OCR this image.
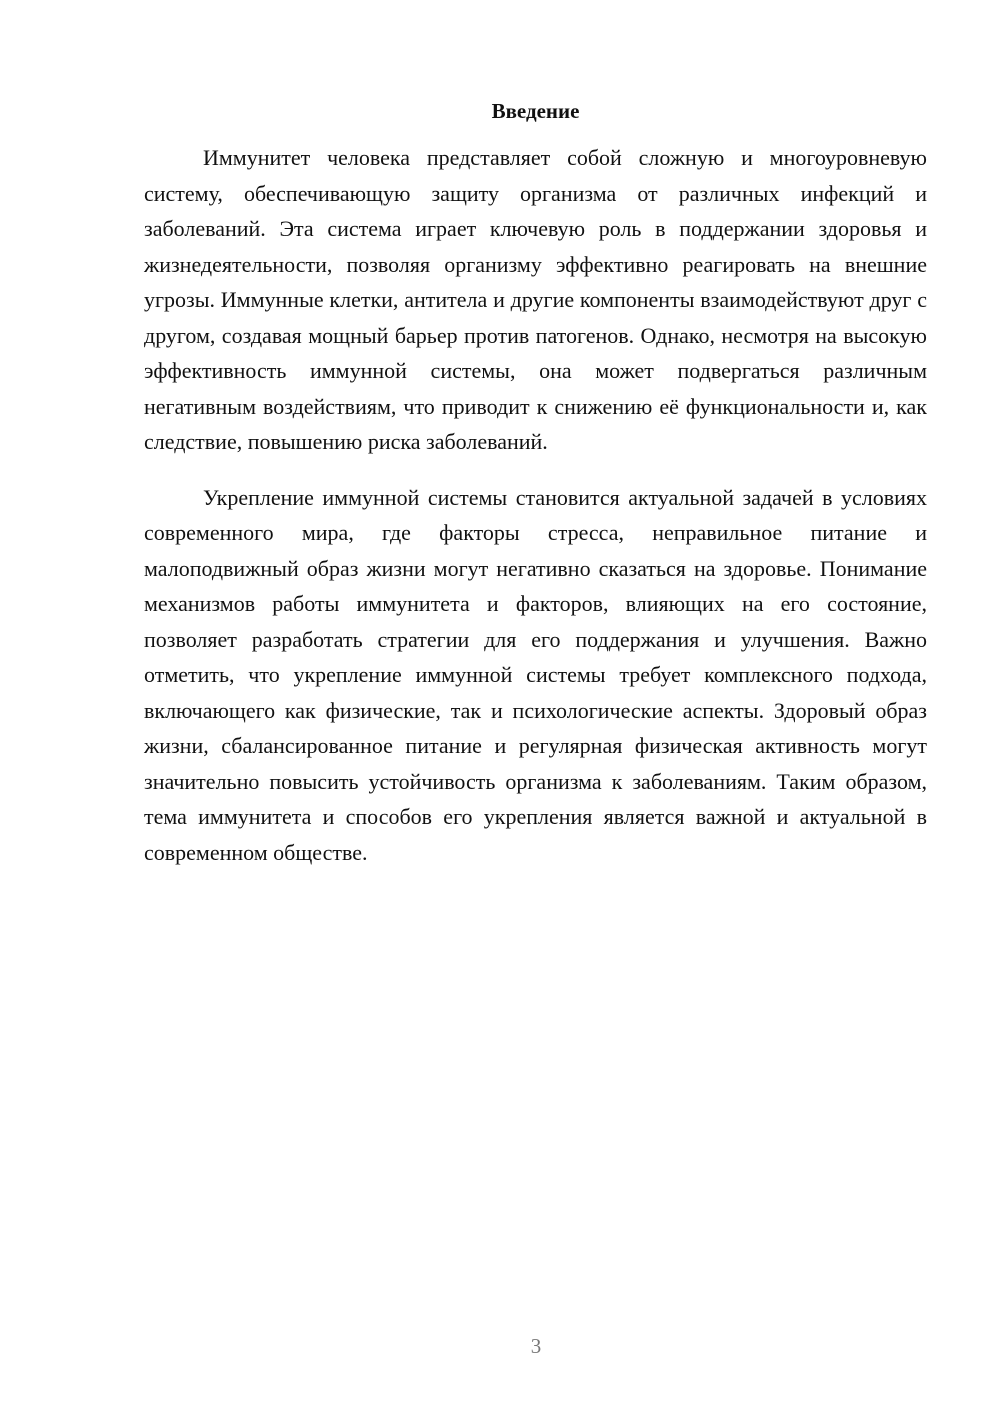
Введение

Иммунитет человека представляет собой сложную и многоуровневую систему, обеспечивающую защиту организма от различных инфекций и заболеваний. Эта система играет ключевую роль в поддержании здоровья и жизнедеятельности, позволяя организму эффективно реагировать на внешние угрозы. Иммунные клетки, антитела и другие компоненты взаимодействуют друг с другом, создавая мощный барьер против патогенов. Однако, несмотря на высокую эффективность иммунной системы, она может подвергаться различным негативным воздействиям, что приводит к снижению её функциональности и, как следствие, повышению риска заболеваний.

Укрепление иммунной системы становится актуальной задачей в условиях современного мира, где факторы стресса, неправильное питание и малоподвижный образ жизни могут негативно сказаться на здоровье. Понимание механизмов работы иммунитета и факторов, влияющих на его состояние, позволяет разработать стратегии для его поддержания и улучшения. Важно отметить, что укрепление иммунной системы требует комплексного подхода, включающего как физические, так и психологические аспекты. Здоровый образ жизни, сбалансированное питание и регулярная физическая активность могут значительно повысить устойчивость организма к заболеваниям. Таким образом, тема иммунитета и способов его укрепления является важной и актуальной в современном обществе.

3
